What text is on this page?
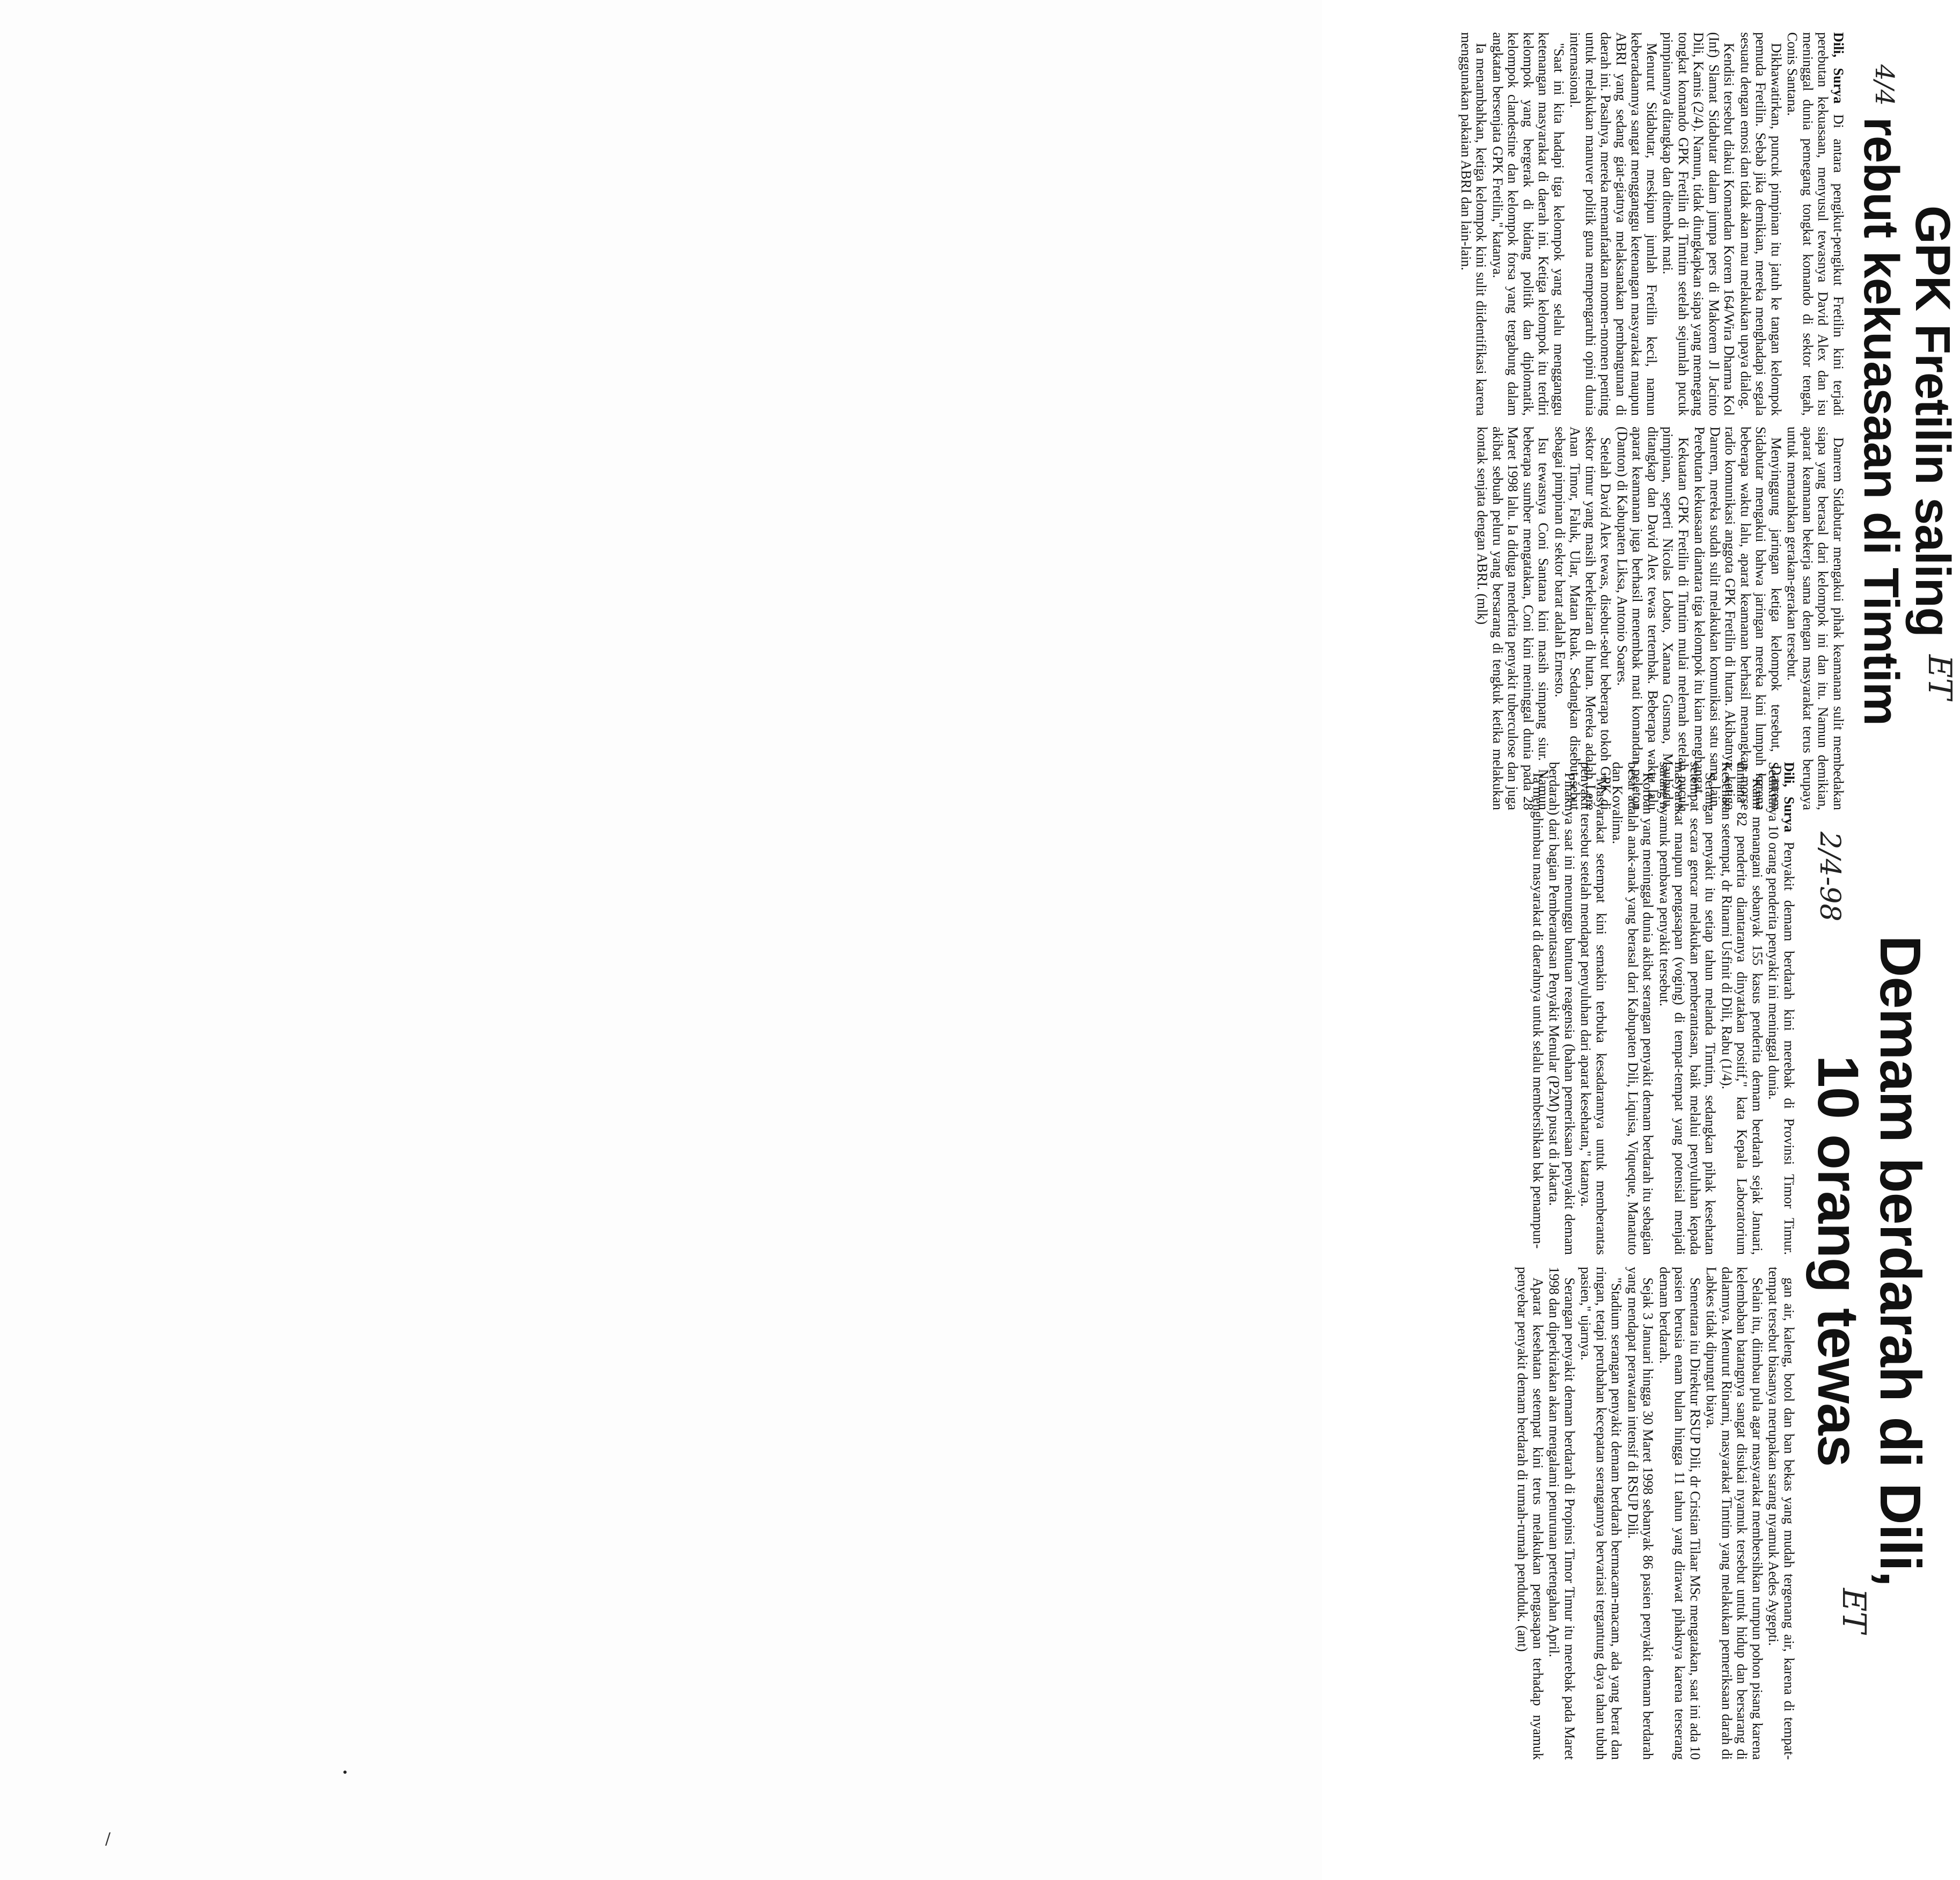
GPK Fretilin saling
rebut kekuasaan di Timtim ET
4/4

Dili, Surya Di antara pengikut-pengikut Fretilin kini terjadi perebutan kekuasaan, menyusul tewasnya David Alex dan isu meninggal dunia pemegang tongkat komando di sektor tengah, Conis Santana.

Dikhawatirkan, puncuk pimpinan itu jatuh ke tangan kelompok pemuda Fretilin. Sebab jika demikian, mereka menghadapi segala sesuatu dengan emosi dan tidak akan mau melakukan upaya dialog.

Kendisi tersebut diakui Komandan Korem 164/Wira Dharma Kol (Inf) Slamat Sidabutar dalam jumpa pers di Makorem Jl Jacinto Dili, Kamis (2/4). Namun, tidak diungkapkan siapa yang memegang tongkat komando GPK Fretilin di Timtim setelah sejumlah pucuk pimpinannya ditangkap dan ditembak mati.

Menurut Sidabutar, meskipun jumlah Fretilin kecil, namun keberadaannya sangat mengganggu ketenangan masyarakat maupun ABRI yang sedang giat-giatnya melaksanakan pembangunan di daerah ini. Pasalnya, mereka memanfaatkan momen-momen penting untuk melakukan manuver politik guna mempengaruhi opini dunia internasional.

"Saat ini kita hadapi tiga kelompok yang selalu mengganggu ketenangan masyarakat di daerah ini. Ketiga kelompok itu terdiri kelompok yang bergerak di bidang politik dan diplomatik, kelompok clandestine dan kelompok forsa yang tergabung dalam angkatan bersenjata GPK Fretilin," katanya.

Ia menambahkan, ketiga kelompok kini sulit diidentifikasi karena menggunakan pakaian ABRI dan lain-lain.

Danrem Sidabutar mengakui pihak keamanan sulit membedakan siapa yang berasal dari kelompok ini dan itu. Namun demikian, aparat keamanan bekerja sama dengan masyarakat terus berupaya untuk mematahkan gerakan-gerakan tersebut.

Menyinggung jaringan ketiga kelompok tersebut, Danrem Sidabutar mengakui bahwa jaringan mereka kini lumpuh karena beberapa waktu lalu, aparat keamanan berhasil menangkap morse radio komunikasi anggota GPK Fretilin di hutan. Akibatnya, ketiga Danrem, mereka sudah sulit melakukan komunikasi satu sama lain. Perebutan kekuasaan diantara tiga kelompok itu kian menghangat.

Kekuatan GPK Fretilin di Timtim mulai melemah setelah pucuk pimpinan, seperti Nicolas Lobato, Xanana Gusmao, Mauhudu, ditangkap dan David Alex tewas tertembak. Beberapa waktu lalu aparat keamanan juga berhasil menembak mati komandan peleton (Danton) di Kabupaten Liksa, Antonio Soares.

Setelah David Alex tewas, disebut-sebut beberapa tokoh GPK di sektor timur yang masih berkeliaran di hutan. Mereka adalah Lere Anan Timor, Faluk, Ular, Matan Ruak. Sedangkan disebut-sebut sebagai pimpinan di sektor barat adalah Ernesto.

Isu tewasnya Coni Santana kini masih simpang siur. Namun beberapa sumber mengatakan, Coni kini meninggal dunia pada 28 Maret 1998 lalu. Ia diduga menderita penyakit tuberculose dan juga akibat sebuah peluru yang bersarang di tengkuk ketika melakukan kontak senjata dengan ABRI. (mlk)

Demam berdarah di Dili,
10 orang tewas
ET
2/4-98

Dili, Surya Penyakit demam berdarah kini merebak di Provinsi Timor Timur. Sedikitnya 10 orang penderita penyakit ini meninggal dunia.

"Kami menangani sebanyak 155 kasus penderita demam berdarah sejak Januari, dimana 82 penderita diantaranya dinyatakan positif," kata Kepala Laboratorium Kesehatan setempat, dr Rinarni Usfinit di Dili, Rabu (1/4).

Serangan penyakit itu setiap tahun melanda Timtim, sedangkan pihak kesehatan setempat secara gencar melakukan pemberantasan, baik melalui penyuluhan kepada masyarakat maupun pengasapan (voging) di tempat-tempat yang potensial menjadi sarang nyamuk pembawa penyakit tersebut.

Korban yang meninggal dunia akibat serangan penyakit demam berdarah itu sebagian besar adalah anak-anak yang berasal dari Kabupaten Dili, Liquisa, Viqueque, Manatuto dan Kovalima.

"Masyarakat setempat kini semakin terbuka kesadarannya untuk memberantas penyakit tersebut setelah mendapat penyuluhan dari aparat kesehatan," katanya.

Pihaknya saat ini menunggu bantuan reagensia (bahan pemeriksaan penyakit demam berdarah) dari bagian Pemberantasan Penyakit Menular (P2M) pusat di Jakarta.

Ia menghimbau masyarakat di daerahnya untuk selalu membersihkan bak penampun-

gan air, kaleng, botol dan ban bekas yang mudah tergenang air, karena di tempat-tempat tersebut biasanya merupakan sarang nyamuk Aedes Aygepti.

Selain itu, diimbau pula agar masyarakat membersihkan rumpun pohon pisang karena kelembaban batangnya sangat disukai nyamuk tersebut untuk hidup dan bersarang di dalamnya. Menurut Rinarni, masyarakat Timtim yang melakukan pemeriksaan darah di Labkes tidak dipungut biaya.

Sementara itu Direktur RSUP Dili, dr Cristian Tilaar MSc mengatakan, saat ini ada 10 pasien berusia enam bulan hingga 11 tahun yang dirawat pihaknya karena terserang demam berdarah.

Sejak 3 Januari hingga 30 Maret 1998 sebanyak 86 pasien penyakit demam berdarah yang mendapat perawatan intensif di RSUP Dili.

"Stadium serangan penyakit demam berdarah bermacam-macam, ada yang berat dan ringan, tetapi perubahan kecepatan serangannya bervariasi tergantung daya tahan tubuh pasien," ujarnya.

Serangan penyakit demam berdarah di Propinsi Timor Timur itu merebak pada Maret 1998 dan diperkirakan akan mengalami penurunan pertengahan April.

Aparat kesehatan setempat kini terus melakukan pengasapan terhadap nyamuk penyebar penyakit demam berdarah di rumah-rumah penduduk. (ant)

/
